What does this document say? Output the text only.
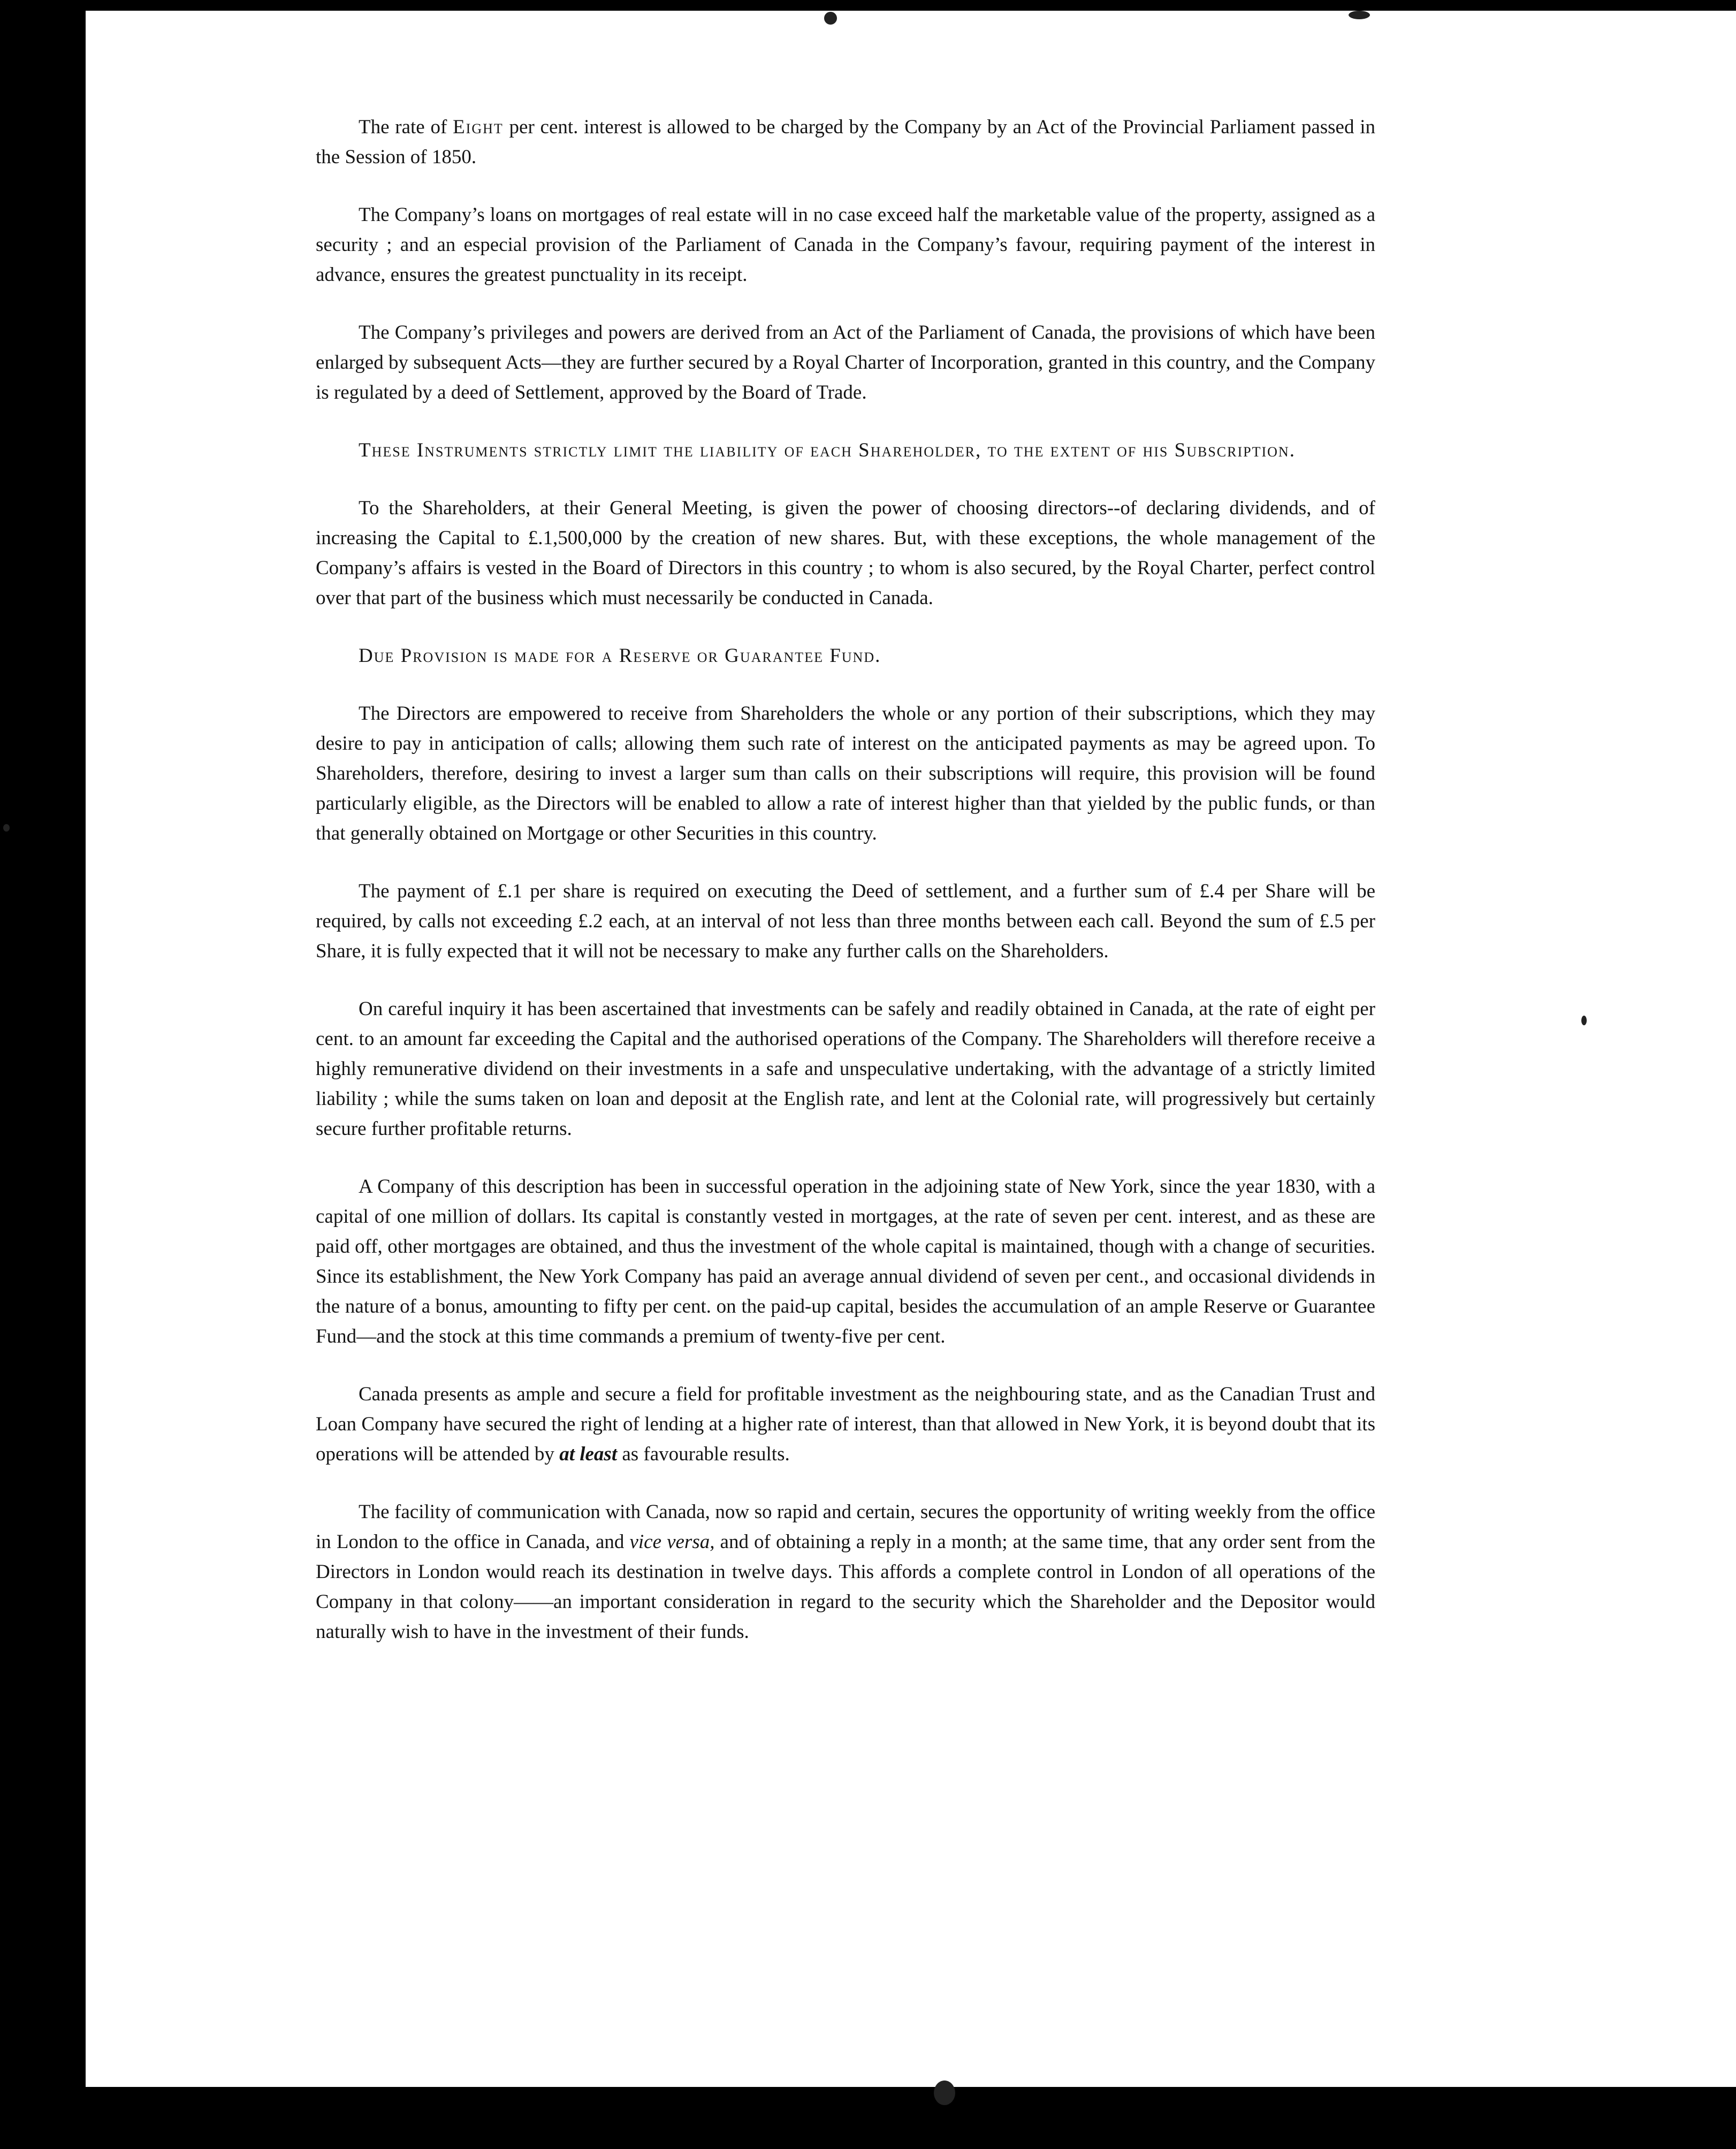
The rate of Eight per cent. interest is allowed to be charged by the Company by an Act of the Provincial Parliament passed in the Session of 1850.

The Company’s loans on mortgages of real estate will in no case exceed half the marketable value of the property, assigned as a security ; and an especial provision of the Parliament of Canada in the Company’s favour, requiring payment of the interest in advance, ensures the greatest punctuality in its receipt.

The Company’s privileges and powers are derived from an Act of the Parliament of Canada, the provisions of which have been enlarged by subsequent Acts—they are further secured by a Royal Charter of Incorporation, granted in this country, and the Company is regulated by a deed of Settlement, approved by the Board of Trade.

These Instruments strictly limit the liability of each Shareholder, to the extent of his Subscription.

To the Shareholders, at their General Meeting, is given the power of choosing directors--of declaring dividends, and of increasing the Capital to £.1,500,000 by the creation of new shares. But, with these exceptions, the whole management of the Company’s affairs is vested in the Board of Directors in this country ; to whom is also secured, by the Royal Charter, perfect control over that part of the business which must necessarily be conducted in Canada.

Due Provision is made for a Reserve or Guarantee Fund.

The Directors are empowered to receive from Shareholders the whole or any portion of their subscriptions, which they may desire to pay in anticipation of calls; allowing them such rate of interest on the anticipated payments as may be agreed upon. To Shareholders, therefore, desiring to invest a larger sum than calls on their subscriptions will require, this provision will be found particularly eligible, as the Directors will be enabled to allow a rate of interest higher than that yielded by the public funds, or than that generally obtained on Mortgage or other Securities in this country.

The payment of £.1 per share is required on executing the Deed of settlement, and a further sum of £.4 per Share will be required, by calls not exceeding £.2 each, at an interval of not less than three months between each call. Beyond the sum of £.5 per Share, it is fully expected that it will not be necessary to make any further calls on the Shareholders.

On careful inquiry it has been ascertained that investments can be safely and readily obtained in Canada, at the rate of eight per cent. to an amount far exceeding the Capital and the authorised operations of the Company. The Shareholders will therefore receive a highly remunerative dividend on their investments in a safe and unspeculative undertaking, with the advantage of a strictly limited liability ; while the sums taken on loan and deposit at the English rate, and lent at the Colonial rate, will progressively but certainly secure further profitable returns.

A Company of this description has been in successful operation in the adjoining state of New York, since the year 1830, with a capital of one million of dollars. Its capital is constantly vested in mortgages, at the rate of seven per cent. interest, and as these are paid off, other mortgages are obtained, and thus the investment of the whole capital is maintained, though with a change of securities. Since its establishment, the New York Company has paid an average annual dividend of seven per cent., and occasional dividends in the nature of a bonus, amounting to fifty per cent. on the paid-up capital, besides the accumulation of an ample Reserve or Guarantee Fund—and the stock at this time commands a premium of twenty-five per cent.

Canada presents as ample and secure a field for profitable investment as the neighbouring state, and as the Canadian Trust and Loan Company have secured the right of lending at a higher rate of interest, than that allowed in New York, it is beyond doubt that its operations will be attended by at least as favourable results.

The facility of communication with Canada, now so rapid and certain, secures the opportunity of writing weekly from the office in London to the office in Canada, and vice versa, and of obtaining a reply in a month; at the same time, that any order sent from the Directors in London would reach its destination in twelve days. This affords a complete control in London of all operations of the Company in that colony——an important consideration in regard to the security which the Shareholder and the Depositor would naturally wish to have in the investment of their funds.
